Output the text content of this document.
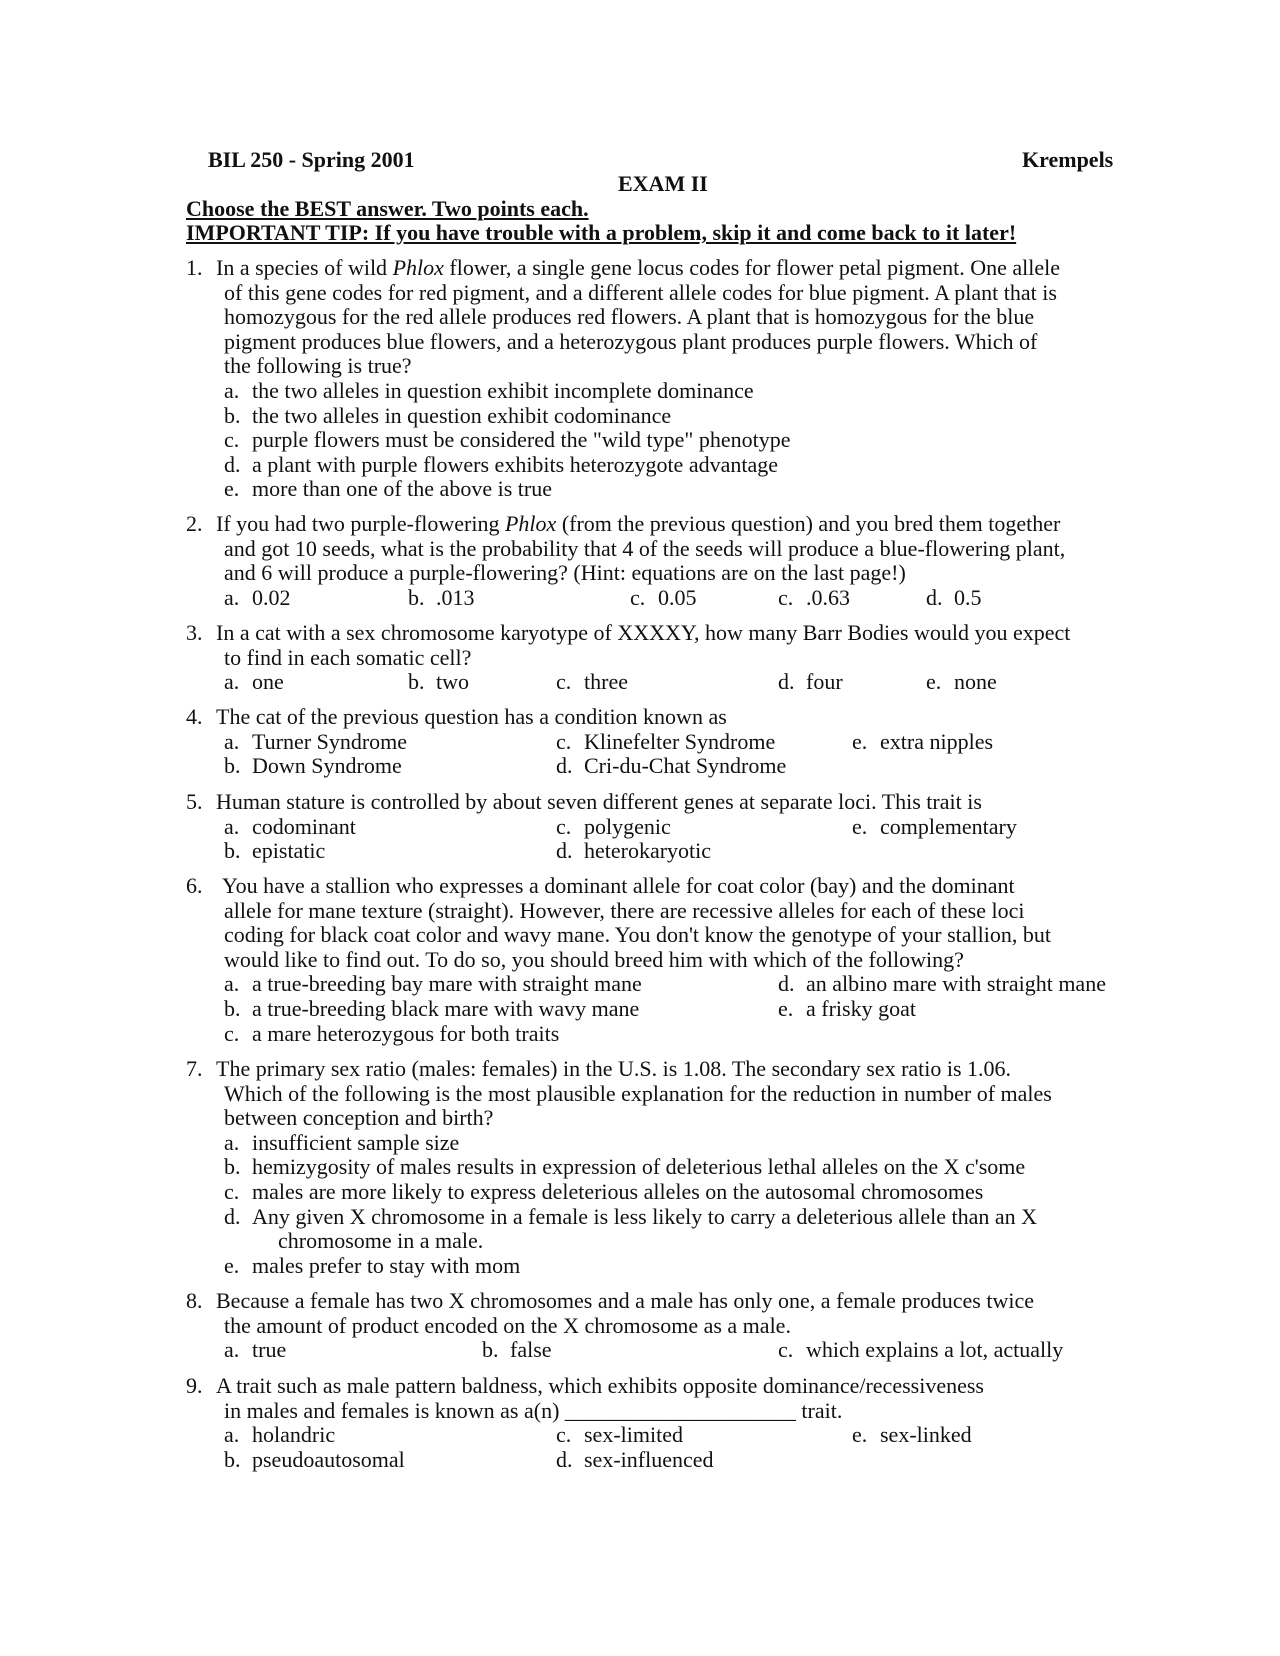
BIL 250 - Spring 2001	Krempels
EXAM II
Choose the BEST answer. Two points each.
IMPORTANT TIP: If you have trouble with a problem, skip it and come back to it later!
1. In a species of wild Phlox flower, a single gene locus codes for flower petal pigment. One allele
of this gene codes for red pigment, and a different allele codes for blue pigment. A plant that is
homozygous for the red allele produces red flowers. A plant that is homozygous for the blue
pigment produces blue flowers, and a heterozygous plant produces purple flowers. Which of
the following is true?
a. the two alleles in question exhibit incomplete dominance
b. the two alleles in question exhibit codominance
c. purple flowers must be considered the "wild type" phenotype
d. a plant with purple flowers exhibits heterozygote advantage
e. more than one of the above is true
2. If you had two purple-flowering Phlox (from the previous question) and you bred them together
and got 10 seeds, what is the probability that 4 of the seeds will produce a blue-flowering plant,
and 6 will produce a purple-flowering? (Hint: equations are on the last page!)
a. 0.02	b. .013	c. 0.05	c. .0.63	d. 0.5
3. In a cat with a sex chromosome karyotype of XXXXY, how many Barr Bodies would you expect
to find in each somatic cell?
a. one	b. two	c. three	d. four	e. none
4. The cat of the previous question has a condition known as
a. Turner Syndrome	c. Klinefelter Syndrome	e. extra nipples
b. Down Syndrome	d. Cri-du-Chat Syndrome
5. Human stature is controlled by about seven different genes at separate loci. This trait is
a. codominant	c. polygenic	e. complementary
b. epistatic	d. heterokaryotic
6. You have a stallion who expresses a dominant allele for coat color (bay) and the dominant
allele for mane texture (straight). However, there are recessive alleles for each of these loci
coding for black coat color and wavy mane. You don't know the genotype of your stallion, but
would like to find out. To do so, you should breed him with which of the following?
a. a true-breeding bay mare with straight mane	d. an albino mare with straight mane
b. a true-breeding black mare with wavy mane	e. a frisky goat
c. a mare heterozygous for both traits
7. The primary sex ratio (males: females) in the U.S. is 1.08. The secondary sex ratio is 1.06.
Which of the following is the most plausible explanation for the reduction in number of males
between conception and birth?
a. insufficient sample size
b. hemizygosity of males results in expression of deleterious lethal alleles on the X c'some
c. males are more likely to express deleterious alleles on the autosomal chromosomes
d. Any given X chromosome in a female is less likely to carry a deleterious allele than an X
chromosome in a male.
e. males prefer to stay with mom
8. Because a female has two X chromosomes and a male has only one, a female produces twice
the amount of product encoded on the X chromosome as a male.
a. true	b. false	c. which explains a lot, actually
9. A trait such as male pattern baldness, which exhibits opposite dominance/recessiveness
in males and females is known as a(n) _____________________ trait.
a. holandric	c. sex-limited	e. sex-linked
b. pseudoautosomal	d. sex-influenced
